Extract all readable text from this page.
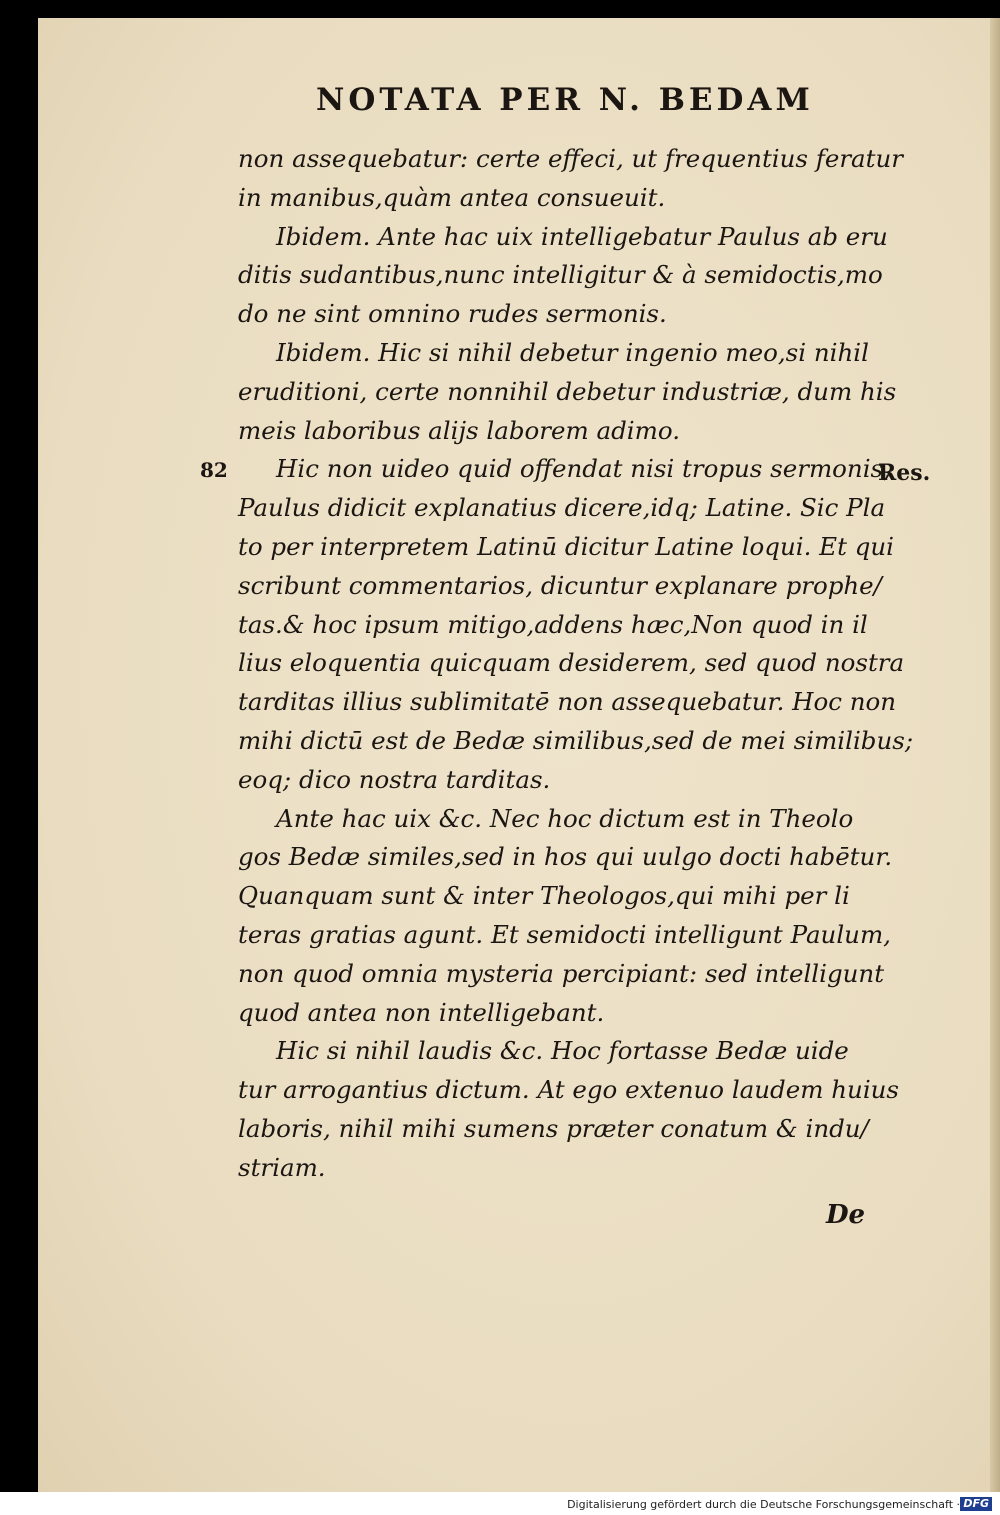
NOTATA PER N. BEDAM
non assequebatur: certe effeci, ut frequentius feratur
in manibus,quàm antea consueuit.
Ibidem. Ante hac uix intelligebatur Paulus ab eru
ditis sudantibus,nunc intelligitur & à semidoctis,mo
do ne sint omnino rudes sermonis.
Ibidem. Hic si nihil debetur ingenio meo,si nihil
eruditioni, certe nonnihil debetur industriæ, dum his
meis laboribus alijs laborem adimo.
Hic non uideo quid offendat nisi tropus sermonis,
Paulus didicit explanatius dicere,idq; Latine. Sic Pla
to per interpretem Latinū dicitur Latine loqui. Et qui
scribunt commentarios, dicuntur explanare prophe/
tas.& hoc ipsum mitigo,addens hæc,Non quod in il
lius eloquentia quicquam desiderem, sed quod nostra
tarditas illius sublimitatē non assequebatur. Hoc non
mihi dictū est de Bedæ similibus,sed de mei similibus;
eoq; dico nostra tarditas.
Ante hac uix &c. Nec hoc dictum est in Theolo
gos Bedæ similes,sed in hos qui uulgo docti habētur.
Quanquam sunt & inter Theologos,qui mihi per li
teras gratias agunt. Et semidocti intelligunt Paulum,
non quod omnia mysteria percipiant: sed intelligunt
quod antea non intelligebant.
Hic si nihil laudis &c. Hoc fortasse Bedæ uide
tur arrogantius dictum. At ego extenuo laudem huius
laboris, nihil mihi sumens præter conatum & indu/
striam.
82	Res.
De
Digitalisierung gefördert durch die Deutsche Forschungsgemeinschaft · DFG
